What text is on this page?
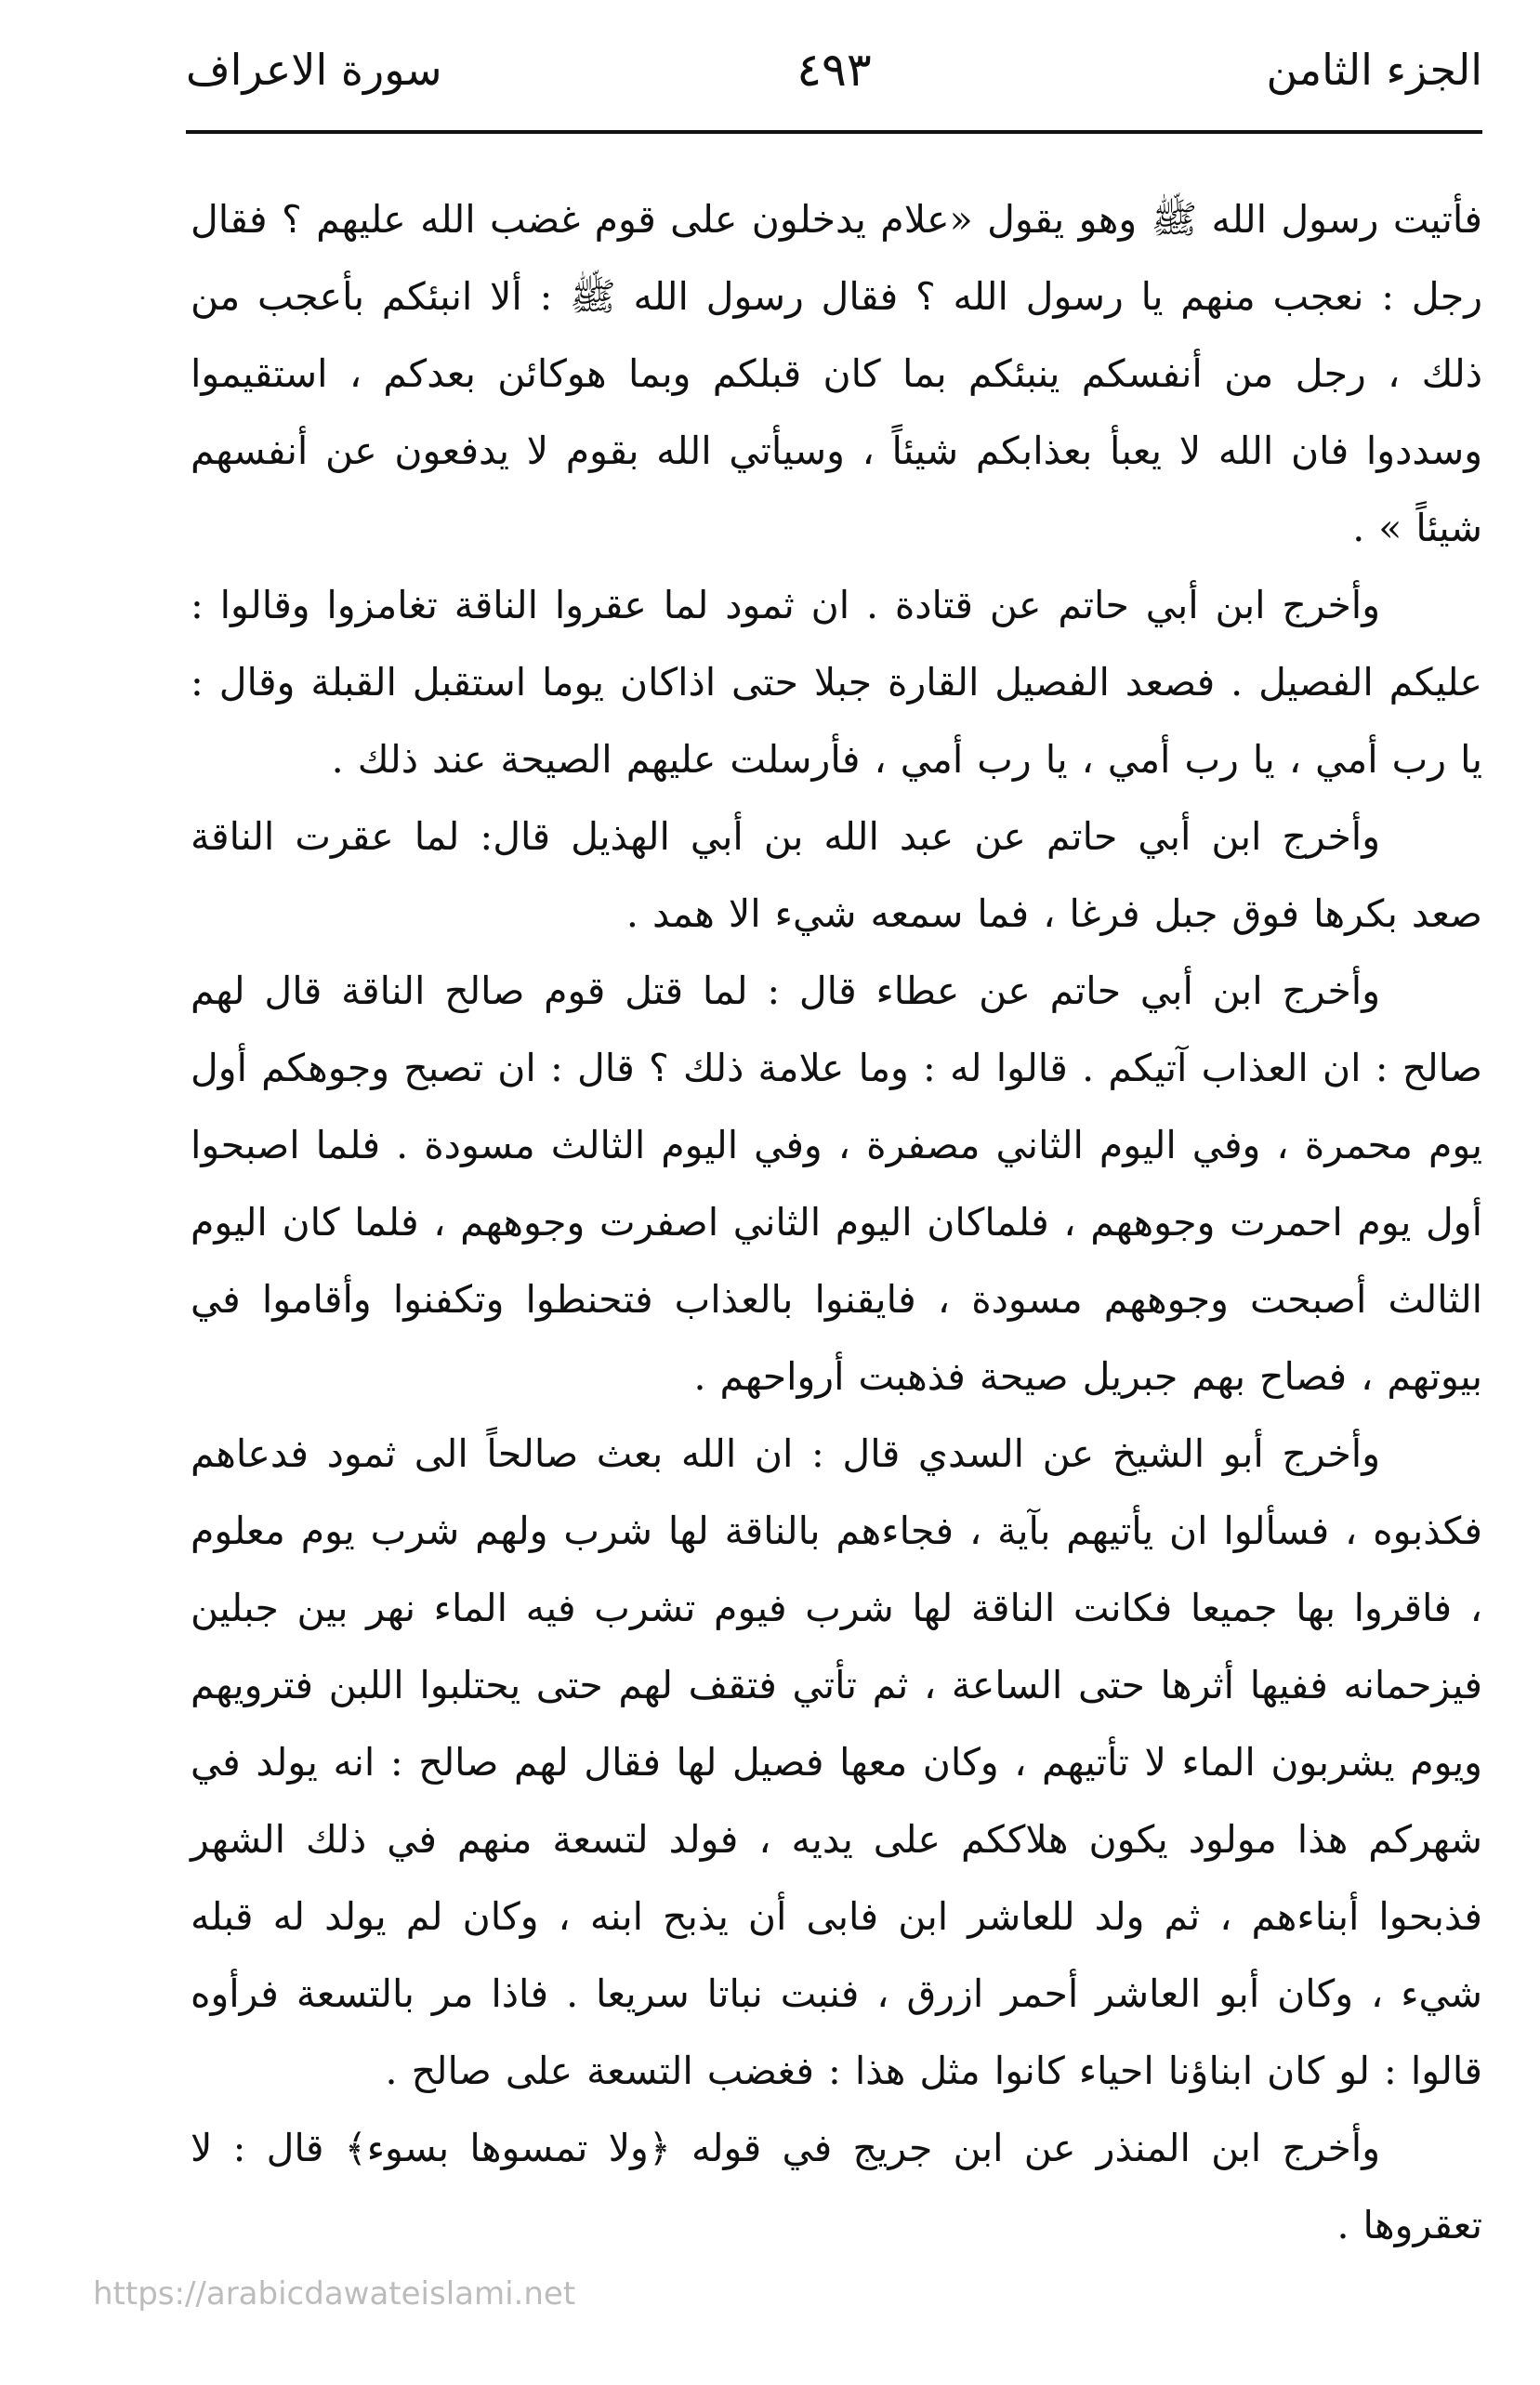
الجزء الثامن
٤٩٣
سورة الاعراف

فأتيت رسول الله ﷺ وهو يقول «علام يدخلون على قوم غضب الله عليهم ؟ فقال رجل : نعجب منهم يا رسول الله ؟ فقال رسول الله ﷺ : ألا انبئكم بأعجب من ذلك ، رجل من أنفسكم ينبئكم بما كان قبلكم وبما هوكائن بعدكم ، استقيموا وسددوا فان الله لا يعبأ بعذابكم شيئاً ، وسيأتي الله بقوم لا يدفعون عن أنفسهم شيئاً » .

وأخرج ابن أبي حاتم عن قتادة . ان ثمود لما عقروا الناقة تغامزوا وقالوا : عليكم الفصيل . فصعد الفصيل القارة جبلا حتى اذاكان يوما استقبل القبلة وقال : يا رب أمي ، يا رب أمي ، يا رب أمي ، فأرسلت عليهم الصيحة عند ذلك .

وأخرج ابن أبي حاتم عن عبد الله بن أبي الهذيل قال: لما عقرت الناقة صعد بكرها فوق جبل فرغا ، فما سمعه شيء الا همد .

وأخرج ابن أبي حاتم عن عطاء قال : لما قتل قوم صالح الناقة قال لهم صالح : ان العذاب آتيكم . قالوا له : وما علامة ذلك ؟ قال : ان تصبح وجوهكم أول يوم محمرة ، وفي اليوم الثاني مصفرة ، وفي اليوم الثالث مسودة . فلما اصبحوا أول يوم احمرت وجوههم ، فلماكان اليوم الثاني اصفرت وجوههم ، فلما كان اليوم الثالث أصبحت وجوههم مسودة ، فايقنوا بالعذاب فتحنطوا وتكفنوا وأقاموا في بيوتهم ، فصاح بهم جبريل صيحة فذهبت أرواحهم .

وأخرج أبو الشيخ عن السدي قال : ان الله بعث صالحاً الى ثمود فدعاهم فكذبوه ، فسألوا ان يأتيهم بآية ، فجاءهم بالناقة لها شرب ولهم شرب يوم معلوم ، فاقروا بها جميعا فكانت الناقة لها شرب فيوم تشرب فيه الماء نهر بين جبلين فيزحمانه ففيها أثرها حتى الساعة ، ثم تأتي فتقف لهم حتى يحتلبوا اللبن فترويهم ويوم يشربون الماء لا تأتيهم ، وكان معها فصيل لها فقال لهم صالح : انه يولد في شهركم هذا مولود يكون هلاككم على يديه ، فولد لتسعة منهم في ذلك الشهر فذبحوا أبناءهم ، ثم ولد للعاشر ابن فابى أن يذبح ابنه ، وكان لم يولد له قبله شيء ، وكان أبو العاشر أحمر ازرق ، فنبت نباتا سريعا . فاذا مر بالتسعة فرأوه قالوا : لو كان ابناؤنا احياء كانوا مثل هذا : فغضب التسعة على صالح .

وأخرج ابن المنذر عن ابن جريج في قوله ﴿ولا تمسوها بسوء﴾ قال : لا تعقروها .

https://arabicdawateislami.net
